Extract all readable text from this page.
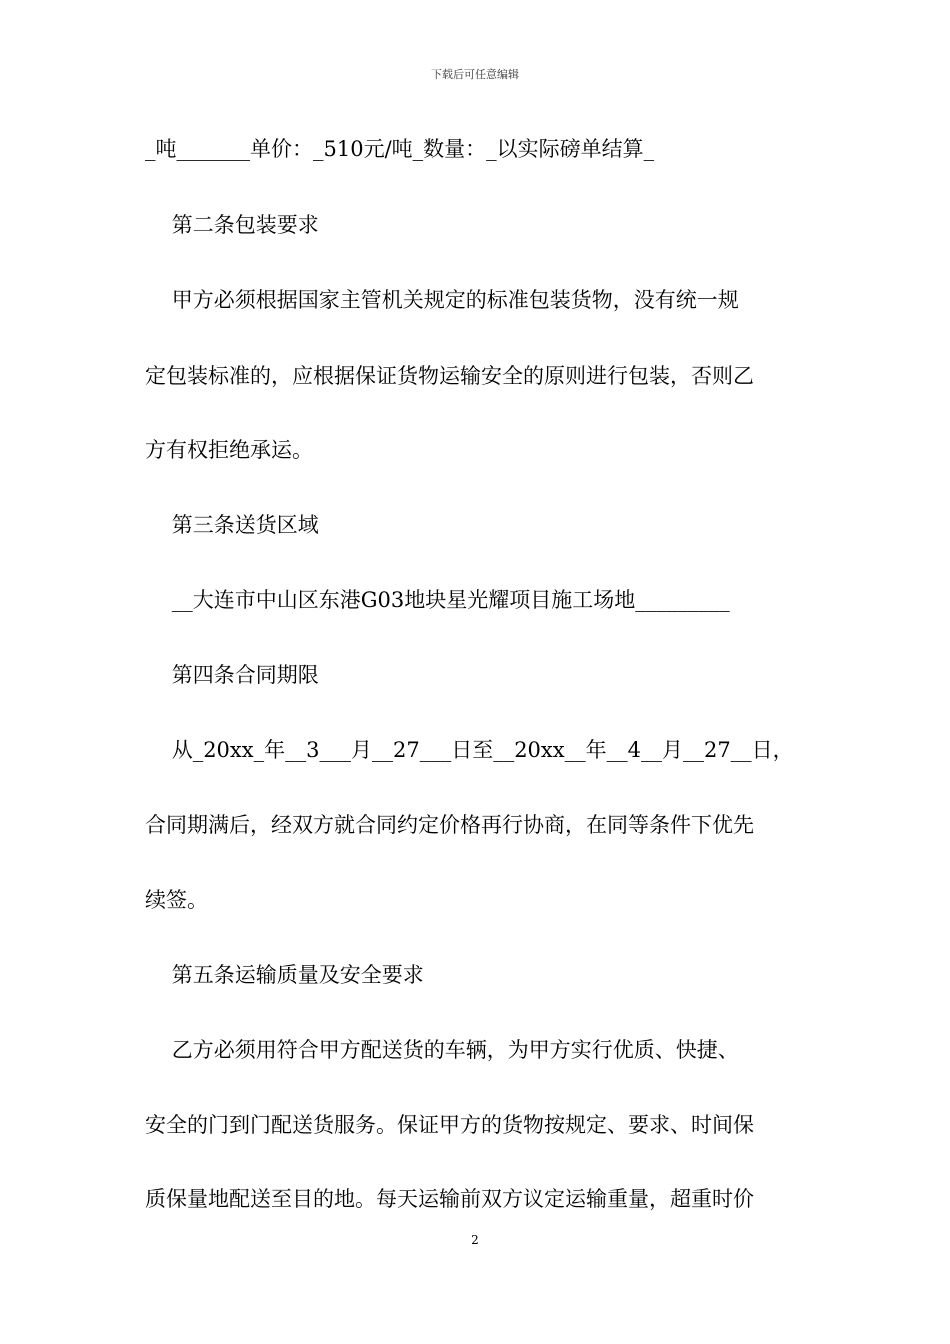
下载后可任意编辑
_吨_______单价：_510元/吨_数量：_以实际磅单结算_
第二条包装要求
甲方必须根据国家主管机关规定的标准包装货物，没有统一规
定包装标准的，应根据保证货物运输安全的原则进行包装，否则乙
方有权拒绝承运。
第三条送货区域
__大连市中山区东港G03地块星光耀项目施工场地_________
第四条合同期限
从_20xx_年__3___月__27___日至__20xx__年__4__月__27__日，
合同期满后，经双方就合同约定价格再行协商，在同等条件下优先
续签。
第五条运输质量及安全要求
乙方必须用符合甲方配送货的车辆，为甲方实行优质、快捷、
安全的门到门配送货服务。保证甲方的货物按规定、要求、时间保
质保量地配送至目的地。每天运输前双方议定运输重量，超重时价
2
